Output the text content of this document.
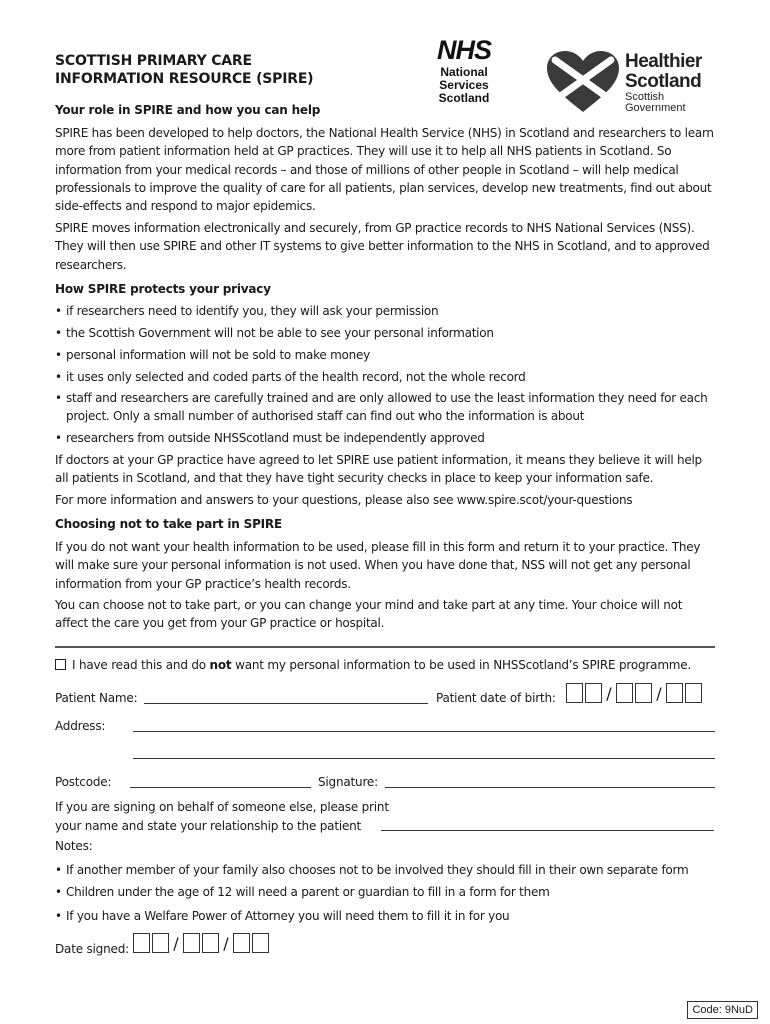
SCOTTISH PRIMARY CARE
INFORMATION RESOURCE (SPIRE)
NHS
National
Services
Scotland
Healthier
Scotland
Scottish
Government
Your role in SPIRE and how you can help
SPIRE has been developed to help doctors, the National Health Service (NHS) in Scotland and researchers to learn more from patient information held at GP practices. They will use it to help all NHS patients in Scotland. So information from your medical records – and those of millions of other people in Scotland – will help medical professionals to improve the quality of care for all patients, plan services, develop new treatments, find out about side-effects and respond to major epidemics.
SPIRE moves information electronically and securely, from GP practice records to NHS National Services (NSS). They will then use SPIRE and other IT systems to give better information to the NHS in Scotland, and to approved researchers.
How SPIRE protects your privacy
• if researchers need to identify you, they will ask your permission
• the Scottish Government will not be able to see your personal information
• personal information will not be sold to make money
• it uses only selected and coded parts of the health record, not the whole record
• staff and researchers are carefully trained and are only allowed to use the least information they need for each project. Only a small number of authorised staff can find out who the information is about
• researchers from outside NHSScotland must be independently approved
If doctors at your GP practice have agreed to let SPIRE use patient information, it means they believe it will help all patients in Scotland, and that they have tight security checks in place to keep your information safe.
For more information and answers to your questions, please also see www.spire.scot/your-questions
Choosing not to take part in SPIRE
If you do not want your health information to be used, please fill in this form and return it to your practice. They will make sure your personal information is not used. When you have done that, NSS will not get any personal information from your GP practice’s health records.
You can choose not to take part, or you can change your mind and take part at any time. Your choice will not affect the care you get from your GP practice or hospital.
I have read this and do not want my personal information to be used in NHSScotland’s SPIRE programme.
Patient Name:	Patient date of birth:	/	/
Address:
Postcode:	Signature:
If you are signing on behalf of someone else, please print
your name and state your relationship to the patient
Notes:
• If another member of your family also chooses not to be involved they should fill in their own separate form
• Children under the age of 12 will need a parent or guardian to fill in a form for them
• If you have a Welfare Power of Attorney you will need them to fill it in for you
Date signed:	/	/
Code: 9NuD
